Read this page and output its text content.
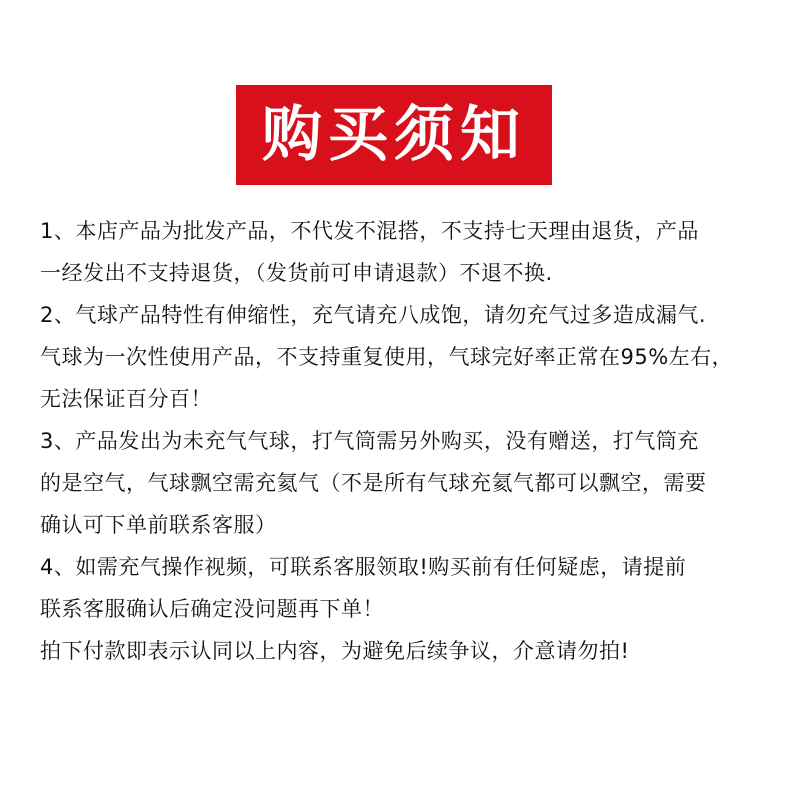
购买须知
1、本店产品为批发产品，不代发不混搭，不支持七天理由退货，产品
一经发出不支持退货，（发货前可申请退款）不退不换.
2、气球产品特性有伸缩性，充气请充八成饱，请勿充气过多造成漏气.
气球为一次性使用产品，不支持重复使用，气球完好率正常在95%左右，
无法保证百分百！
3、产品发出为未充气气球，打气筒需另外购买，没有赠送，打气筒充
的是空气，气球飘空需充氦气（不是所有气球充氦气都可以飘空，需要
确认可下单前联系客服）
4、如需充气操作视频，可联系客服领取!购买前有任何疑虑，请提前
联系客服确认后确定没问题再下单！
拍下付款即表示认同以上内容，为避免后续争议，介意请勿拍!
